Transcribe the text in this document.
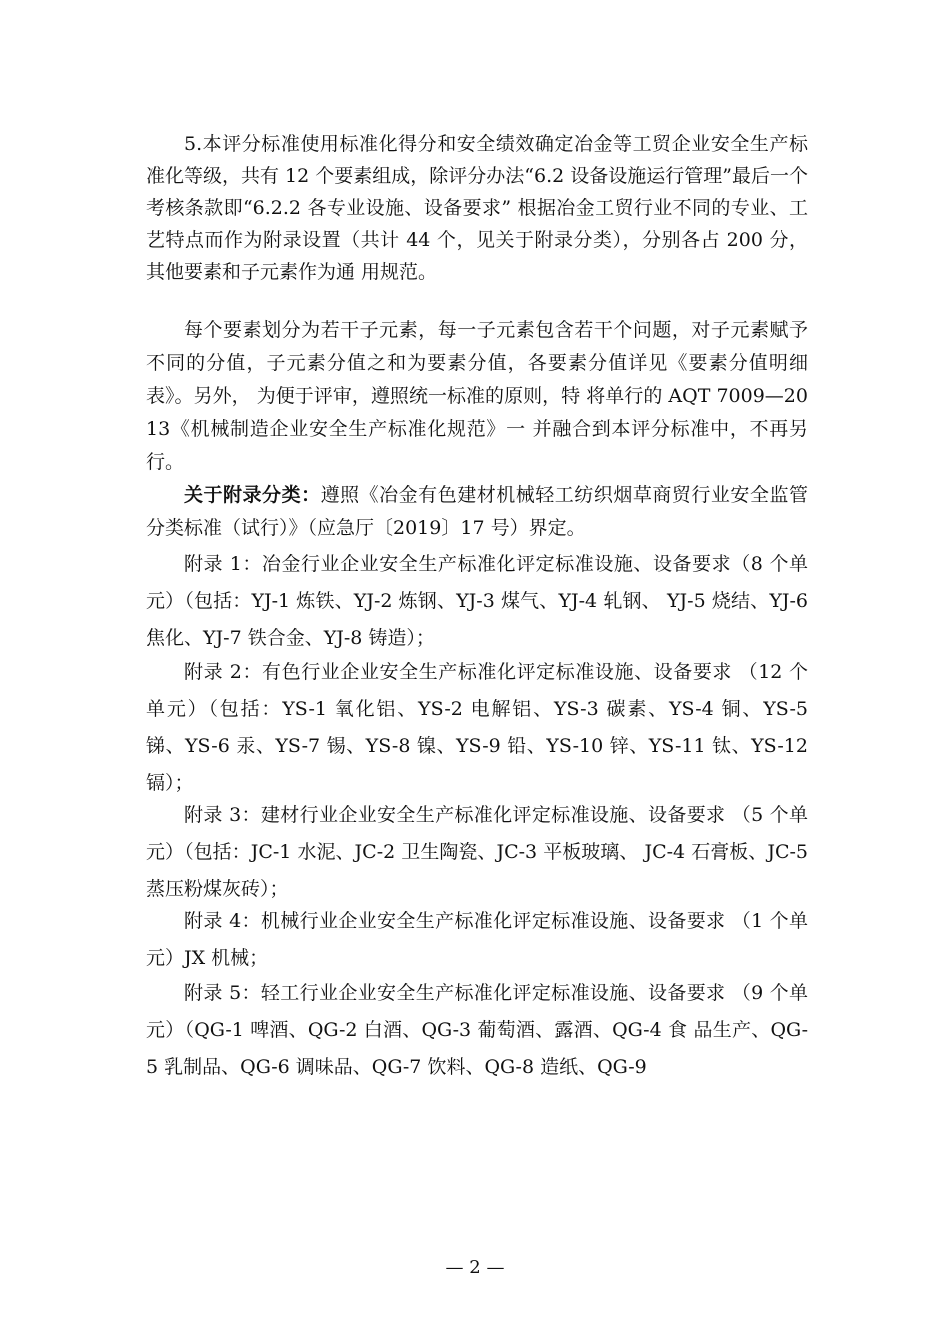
5.本评分标准使用标准化得分和安全绩效确定冶金等工贸企业安全生产标准化等级，共有 12 个要素组成，除评分办法“6.2 设备设施运行管理”最后一个考核条款即“6.2.2 各专业设施、设备要求” 根据冶金工贸行业不同的专业、工艺特点而作为附录设置（共计 44 个，见关于附录分类），分别各占 200 分，其他要素和子元素作为通 用规范。

每个要素划分为若干子元素，每一子元素包含若干个问题，对子元素赋予不同的分值，子元素分值之和为要素分值，各要素分值详见《要素分值明细表》。另外， 为便于评审，遵照统一标准的原则，特 将单行的 AQT 7009—2013《机械制造企业安全生产标准化规范》一 并融合到本评分标准中，不再另行。

关于附录分类：遵照《冶金有色建材机械轻工纺织烟草商贸行业安全监管分类标准（试行）》（应急厅〔2019〕17 号）界定。

附录 1：冶金行业企业安全生产标准化评定标准设施、设备要求（8 个单元）（包括：YJ-1 炼铁、YJ-2 炼钢、YJ-3 煤气、YJ-4 轧钢、 YJ-5 烧结、YJ-6 焦化、YJ-7 铁合金、YJ-8 铸造）；

附录 2：有色行业企业安全生产标准化评定标准设施、设备要求 （12 个单元）（包括：YS-1 氧化铝、YS-2 电解铝、YS-3 碳素、YS-4 铜、YS-5 锑、YS-6 汞、YS-7 锡、YS-8 镍、YS-9 铅、YS-10 锌、YS-11 钛、YS-12 镉）；

附录 3：建材行业企业安全生产标准化评定标准设施、设备要求 （5 个单元）（包括：JC-1 水泥、JC-2 卫生陶瓷、JC-3 平板玻璃、 JC-4 石膏板、JC-5 蒸压粉煤灰砖）；

附录 4：机械行业企业安全生产标准化评定标准设施、设备要求 （1 个单元）JX 机械；

附录 5：轻工行业企业安全生产标准化评定标准设施、设备要求 （9 个单元）（QG-1 啤酒、QG-2 白酒、QG-3 葡萄酒、露酒、QG-4 食 品生产、QG-5 乳制品、QG-6 调味品、QG-7 饮料、QG-8 造纸、QG-9

— 2 —
